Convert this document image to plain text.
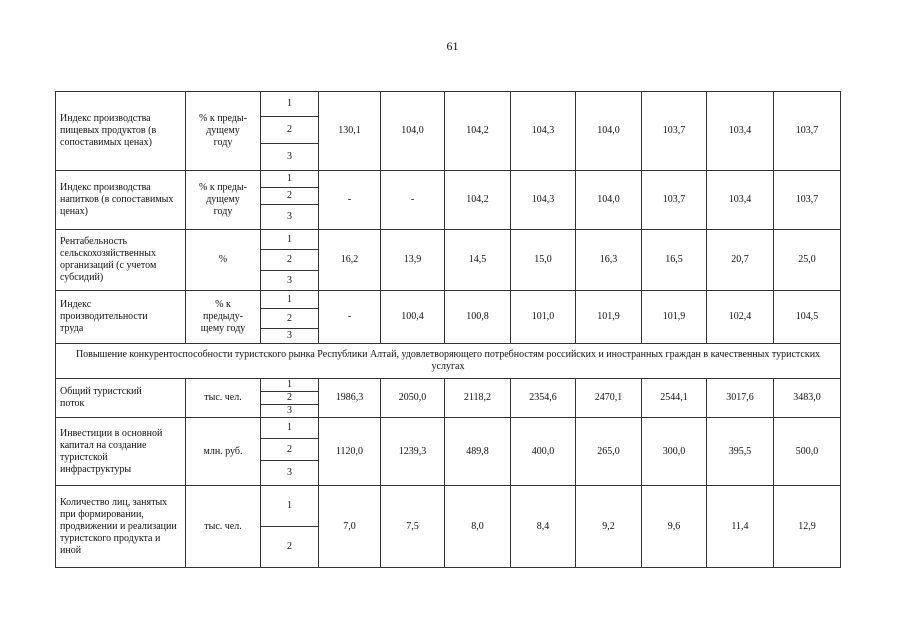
61
Индекс производства пищевых продуктов (в сопоставимых ценах)	% к преды-
дущему
году	1	130,1	104,0	104,2	104,3	104,0	103,7	103,4	103,7
		2								
		3								
Индекс производства напитков (в сопоставимых ценах)	% к преды-
дущему
году	1	-	-	104,2	104,3	104,0	103,7	103,4	103,7
		2								
		3								
Рентабельность сельскохозяйственных организаций (с учетом субсидий)	%	1	16,2	13,9	14,5	15,0	16,3	16,5	20,7	25,0
		2								
		3								
Индекс
производительности
труда	% к
предыду-
щему году	1	-	100,4	100,8	101,0	101,9	101,9	102,4	104,5
		2								
		3								
Повышение конкурентоспособности туристского рынка Республики Алтай, удовлетворяющего потребностям российских и иностранных граждан в качественных туристских услугах										
Общий туристский
поток	тыс. чел.	1	1986,3	2050,0	2118,2	2354,6	2470,1	2544,1	3017,6	3483,0
		2								
		3								
Инвестиции в основной капитал на создание туристской инфраструктуры	млн. руб.	1	1120,0	1239,3	489,8	400,0	265,0	300,0	395,5	500,0
		2								
		3								
Количество лиц, занятых при формировании, продвижении и реализации туристского продукта и иной	тыс. чел.	1	7,0	7,5	8,0	8,4	9,2	9,6	11,4	12,9
		2								
